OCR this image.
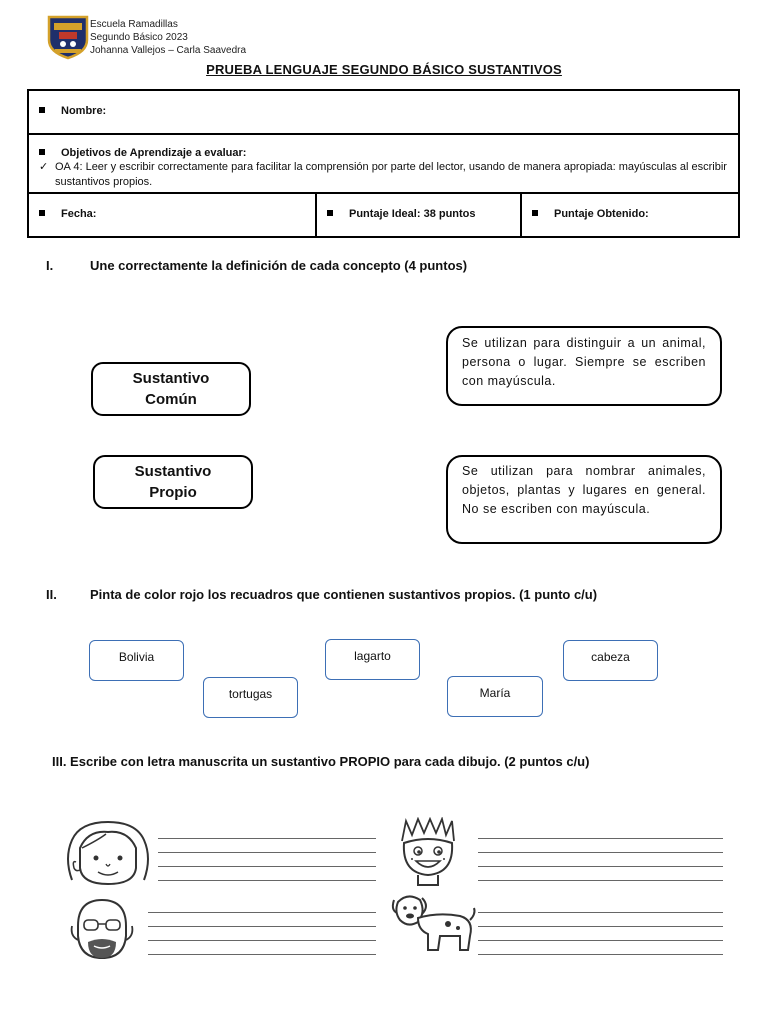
Escuela Ramadillas
Segundo Básico 2023
Johanna Vallejos – Carla Saavedra
PRUEBA LENGUAJE SEGUNDO BÁSICO SUSTANTIVOS
Nombre:

Objetivos de Aprendizaje a evaluar:
✓ OA 4: Leer y escribir correctamente para facilitar la comprensión por parte del lector, usando de manera apropiada: mayúsculas al escribir sustantivos propios.

Fecha:	Puntaje Ideal: 38 puntos	Puntaje Obtenido:
I.	Une correctamente la definición de cada concepto (4 puntos)
Sustantivo
Común
Sustantivo
Propio
Se utilizan para distinguir a un animal, persona o lugar. Siempre se escriben con mayúscula.
Se utilizan para nombrar animales, objetos, plantas y lugares en general. No se escriben con mayúscula.
II.	Pinta de color rojo los recuadros que contienen sustantivos propios. (1 punto c/u)
Bolivia	lagarto	cabeza
tortugas	María
III. Escribe con letra manuscrita un sustantivo PROPIO para cada dibujo. (2 puntos c/u)
